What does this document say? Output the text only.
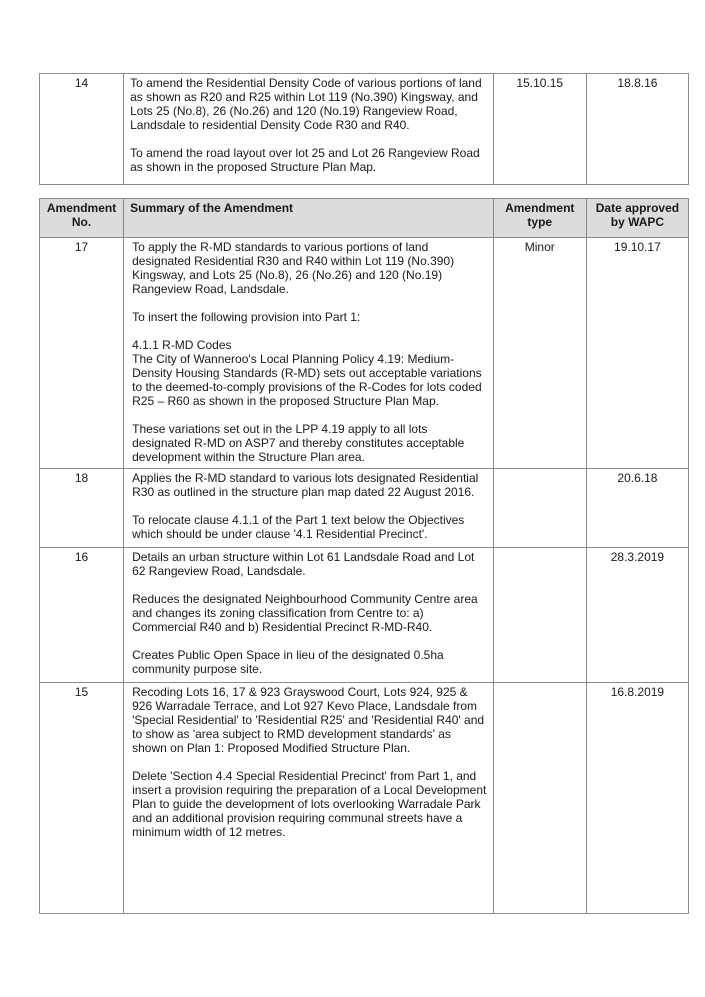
14	To amend the Residential Density Code of various portions of land as shown as R20 and R25 within Lot 119 (No.390) Kingsway, and Lots 25 (No.8), 26 (No.26) and 120 (No.19) Rangeview Road, Landsdale to residential Density Code R30 and R40.

To amend the road layout over lot 25 and Lot 26 Rangeview Road as shown in the proposed Structure Plan Map.

	15.10.15	18.8.16
Amendment No.	Summary of the Amendment	Amendment type	Date approved by WAPC
17	To apply the R-MD standards to various portions of land designated Residential R30 and R40 within Lot 119 (No.390) Kingsway, and Lots 25 (No.8), 26 (No.26) and 120 (No.19) Rangeview Road, Landsdale.

To insert the following provision into Part 1:

4.1.1 R-MD Codes
The City of Wanneroo's Local Planning Policy 4.19: Medium-Density Housing Standards (R-MD) sets out acceptable variations to the deemed-to-comply provisions of the R-Codes for lots coded R25 – R60 as shown in the proposed Structure Plan Map.

These variations set out in the LPP 4.19 apply to all lots designated R-MD on ASP7 and thereby constitutes acceptable development within the Structure Plan area.	Minor	19.10.17
18	Applies the R-MD standard to various lots designated Residential R30 as outlined in the structure plan map dated 22 August 2016.

To relocate clause 4.1.1 of the Part 1 text below the Objectives which should be under clause '4.1 Residential Precinct'.		20.6.18
16	Details an urban structure within Lot 61 Landsdale Road and Lot 62 Rangeview Road, Landsdale.

Reduces the designated Neighbourhood Community Centre area and changes its zoning classification from Centre to: a) Commercial R40 and b) Residential Precinct R-MD-R40.

Creates Public Open Space in lieu of the designated 0.5ha community purpose site.		28.3.2019
15	Recoding Lots 16, 17 & 923 Grayswood Court, Lots 924, 925 & 926 Warradale Terrace, and Lot 927 Kevo Place, Landsdale from 'Special Residential' to 'Residential R25' and 'Residential R40' and to show as 'area subject to RMD development standards' as shown on Plan 1: Proposed Modified Structure Plan.

Delete 'Section 4.4 Special Residential Precinct' from Part 1, and insert a provision requiring the preparation of a Local Development Plan to guide the development of lots overlooking Warradale Park and an additional provision requiring communal streets have a minimum width of 12 metres.		16.8.2019
